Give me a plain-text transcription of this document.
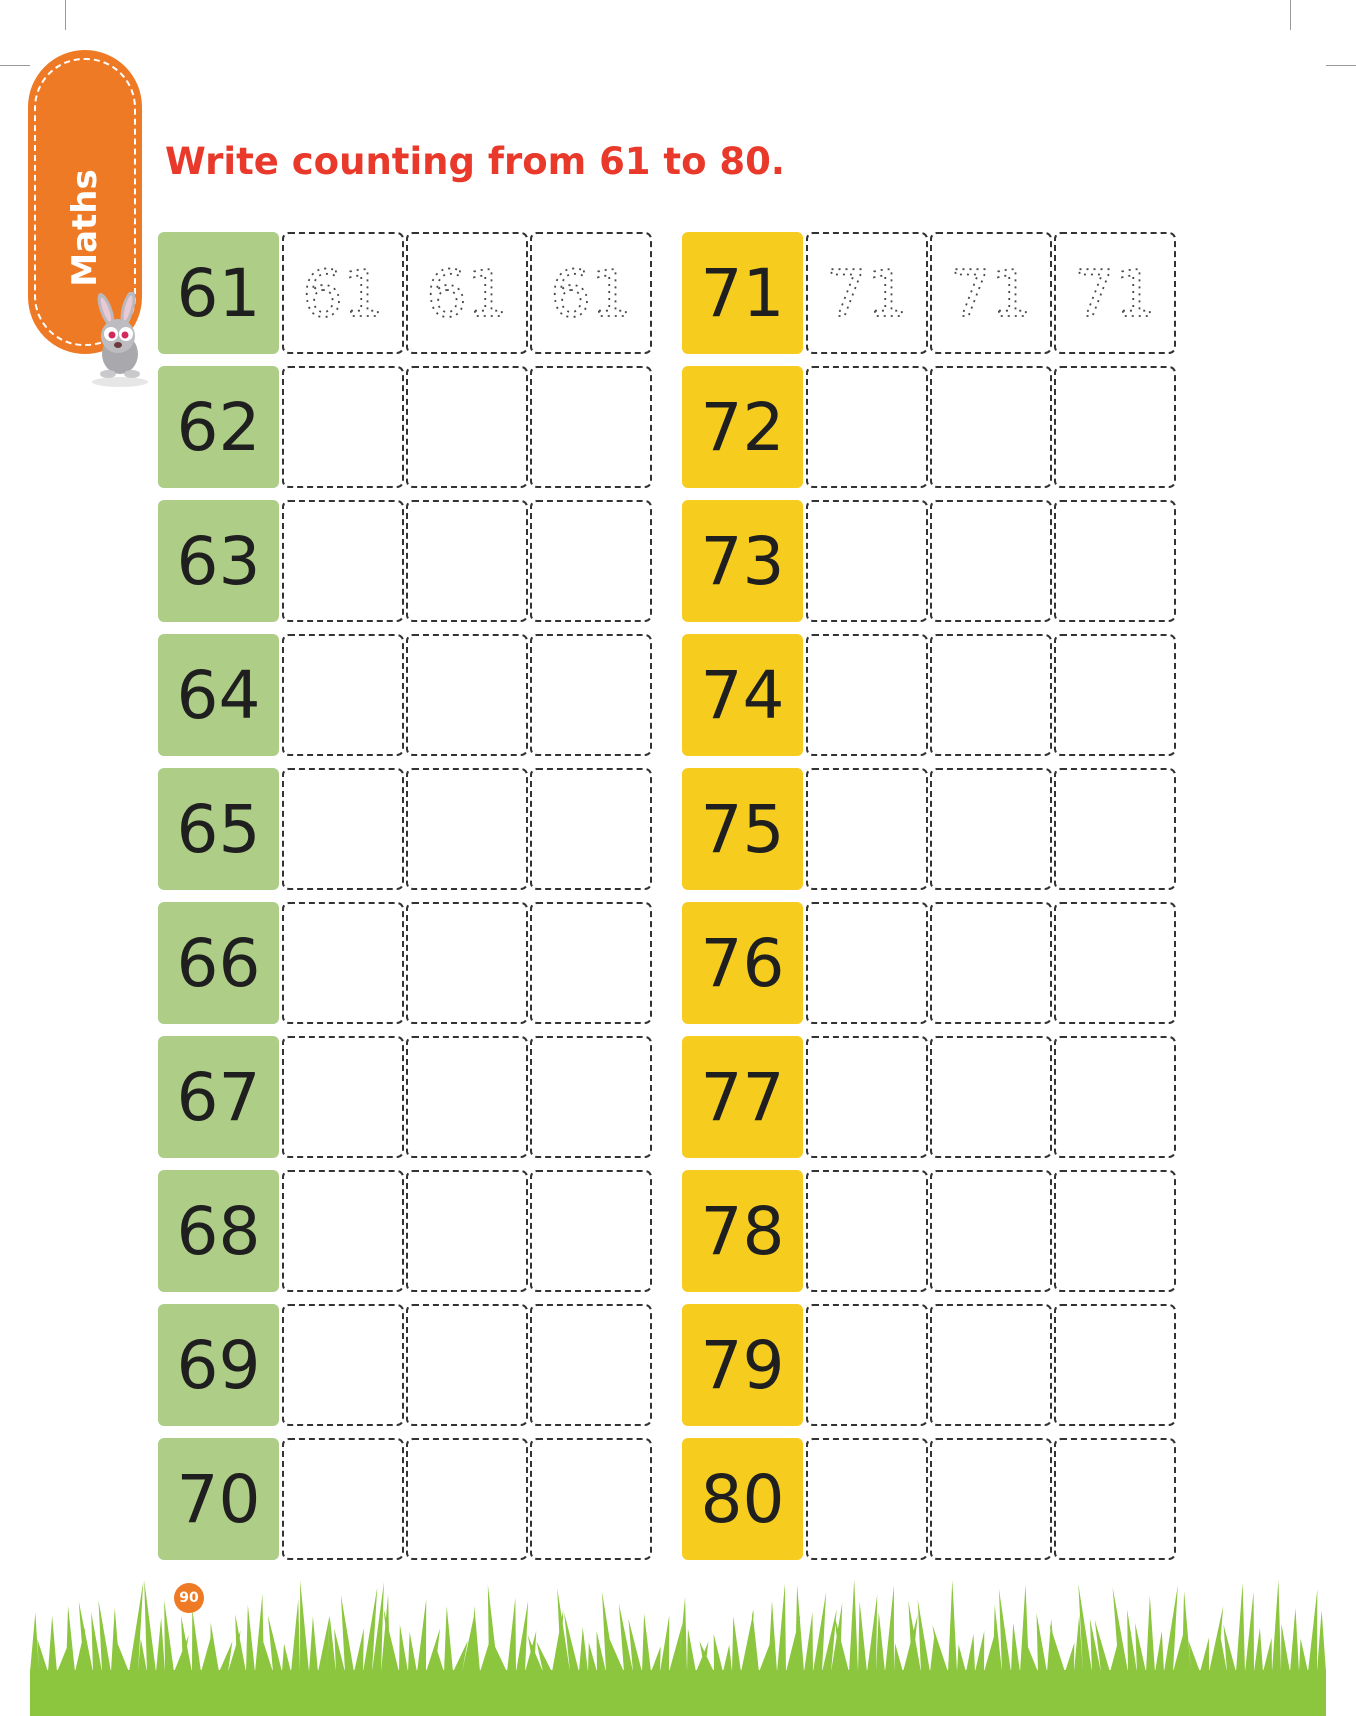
Maths
Write counting from 61 to 80.
61 61 61 61
62
63
64
65
66
67
68
69
70
71 71 71 71
72
73
74
75
76
77
78
79
80
90
